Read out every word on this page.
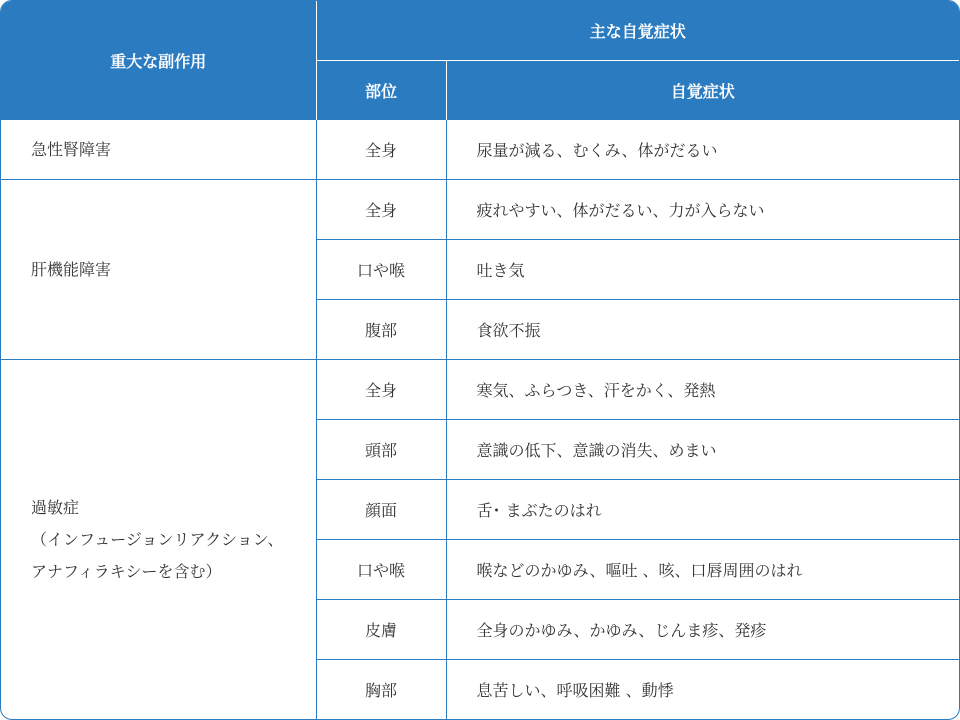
重大な副作用	主な自覚症状	
	部位	自覚症状
急性腎障害	全身	尿量が減る、むくみ、体がだるい
肝機能障害	全身	疲れやすい、体がだるい、力が入らない
	口や喉	吐き気
	腹部	食欲不振

過敏症
（インフュージョンリアクション、
アナフィラキシーを含む）	全身	寒気、ふらつき、汗をかく、発熱
	頭部	意識の低下、意識の消失、めまい
	顔面	舌･ まぶたのはれ
	口や喉	喉などのかゆみ、嘔吐 、咳、口唇周囲のはれ
	皮膚	全身のかゆみ、かゆみ、じんま疹、発疹
	胸部	息苦しい、呼吸困難 、動悸
